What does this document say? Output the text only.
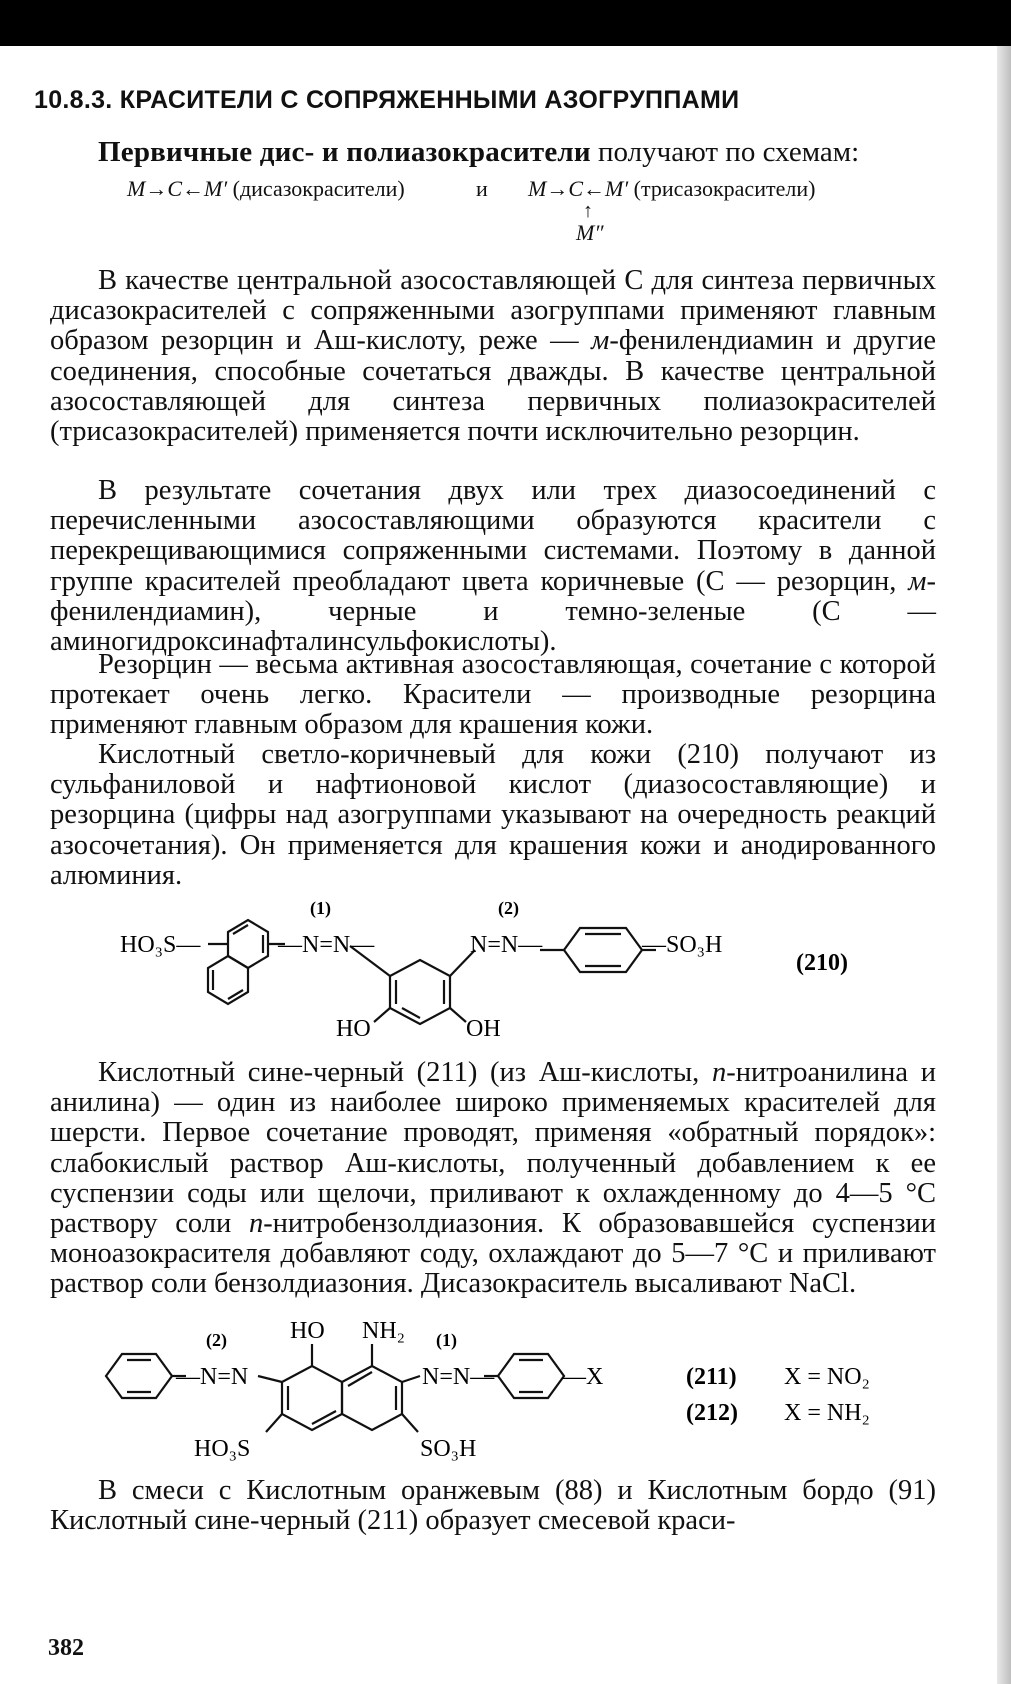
10.8.3. КРАСИТЕЛИ С СОПРЯЖЕННЫМИ АЗОГРУППАМИ
Первичные дис- и полиазокрасители получают по схемам:
M→C←M′ (дисазокрасители)	и M→C←M′ (трисазокрасители)
↑
M″

В качестве центральной азосоставляющей С для синтеза первичных дисазокрасителей с сопряженными азогруппами применяют главным образом резорцин и Аш-кислоту, реже — м-фенилендиамин и другие соединения, способные сочетаться дважды. В качестве центральной азосоставляющей для синтеза первичных полиазокрасителей (трисазокрасителей) применяется почти исключительно резорцин.

В результате сочетания двух или трех диазосоединений с перечисленными азосоставляющими образуются красители с перекрещивающимися сопряженными системами. Поэтому в данной группе красителей преобладают цвета коричневые (С — резорцин, м-фенилендиамин), черные и темно-зеленые (С — аминогидроксинафталинсульфокислоты).

Резорцин — весьма активная азосоставляющая, сочетание с которой протекает очень легко. Красители — производные резорцина применяют главным образом для крашения кожи.

Кислотный светло-коричневый для кожи (210) получают из сульфаниловой и нафтионовой кислот (диазосоставляющие) и резорцина (цифры над азогруппами указывают на очередность реакций азосочетания). Он применяется для крашения кожи и анодированного алюминия.

HO₃S—	—N=N—
(1)
N=N—
(2)
—SO₃H
HO	OH
(210)

Кислотный сине-черный (211) (из Аш-кислоты, п-нитроанилина и анилина) — один из наиболее широко применяемых красителей для шерсти. Первое сочетание проводят, применяя «обратный порядок»: слабокислый раствор Аш-кислоты, полученный добавлением к ее суспензии соды или щелочи, приливают к охлажденному до 4—5 °С раствору соли п-нитробензолдиазония. К образовавшейся суспензии моноазокрасителя добавляют соду, охлаждают до 5—7 °С и приливают раствор соли бензолдиазония. Дисазокраситель высаливают NaCl.

—N=N
(2)	HO NH₂
N=N—
(1)
—X
HO₃S	SO₃H
(211) X = NO₂
(212) X = NH₂

В смеси с Кислотным оранжевым (88) и Кислотным бордо (91) Кислотный сине-черный (211) образует смесевой краси-

382
